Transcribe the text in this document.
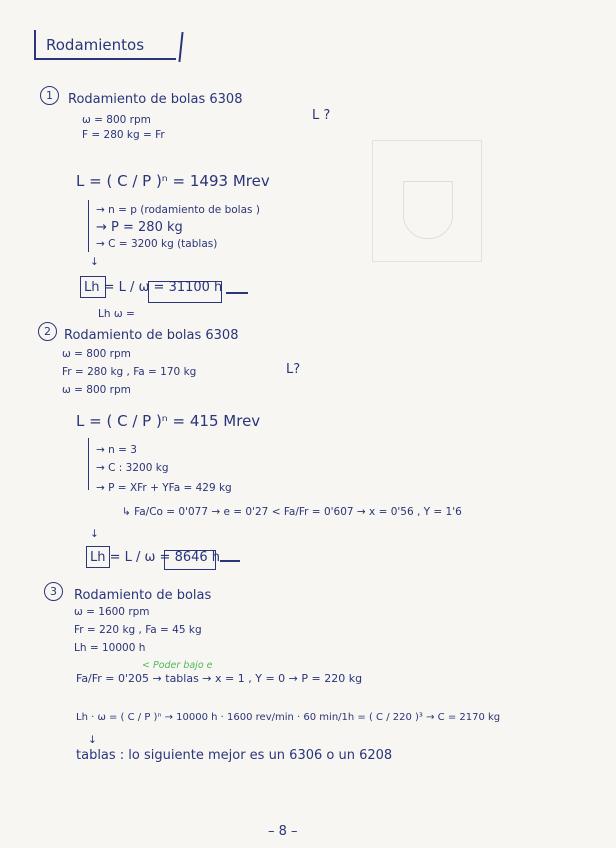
Rodamientos
1	Rodamiento de bolas 6308
ω = 800 rpm
F = 280 kg = Fr
L ?
L = ( C / P )ⁿ = 1493 Mrev
→ n = p (rodamiento de bolas )
→ P = 280 kg
→ C = 3200 kg (tablas)
↓
Lh = L / ω = 31100 h
Lh ω =
2	Rodamiento de bolas 6308
ω = 800 rpm
Fr = 280 kg , Fa = 170 kg
ω = 800 rpm
L?
L = ( C / P )ⁿ = 415 Mrev
→ n = 3
→ C : 3200 kg
→ P = XFr + YFa = 429 kg
↳ Fa/Co = 0'077 → e = 0'27 < Fa/Fr = 0'607 → x = 0'56 , Y = 1'6
↓
Lh = L / ω = 8646 h
3	Rodamiento de bolas
ω = 1600 rpm
Fr = 220 kg , Fa = 45 kg
Lh = 10000 h
< Poder bajo e
Fa/Fr = 0'205 → tablas → x = 1 , Y = 0 → P = 220 kg
Lh · ω = ( C / P )ⁿ → 10000 h · 1600 rev/min · 60 min/1h = ( C / 220 )³ → C = 2170 kg
↓
tablas : lo siguiente mejor es un 6306 o un 6208
– 8 –
